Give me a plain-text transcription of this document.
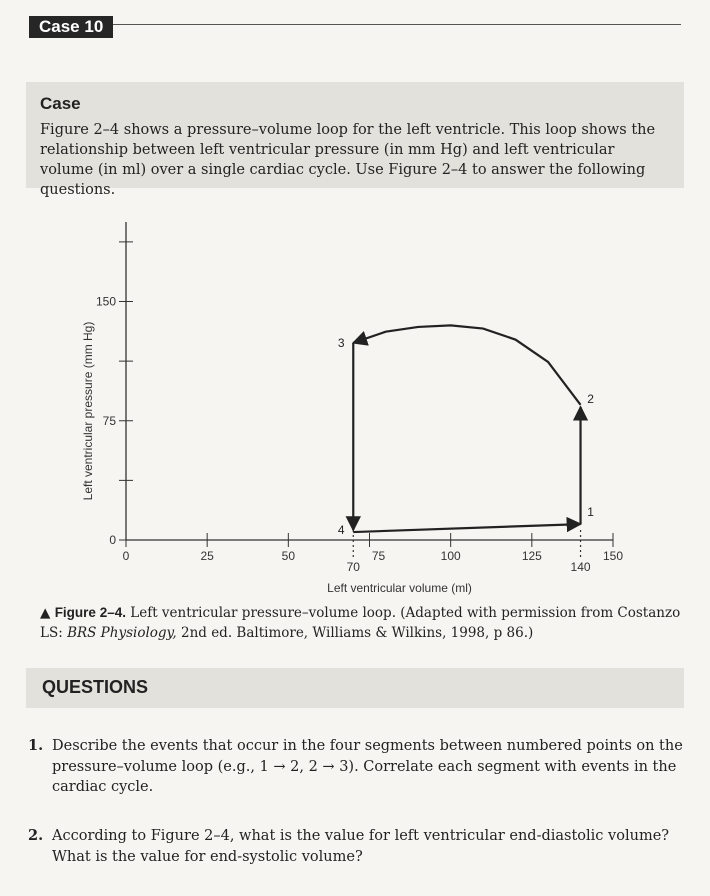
Case 10
Case

Figure 2–4 shows a pressure–volume loop for the left ventricle. This loop shows the relationship between left ventricular pressure (in mm Hg) and left ventricular volume (in ml) over a single cardiac cycle. Use Figure 2–4 to answer the following questions.

0	25	50	75	100	125	150
0
75
150
Left ventricular volume (ml)
Left ventricular pressure (mm Hg)
70	140
1
2
3
4
▲ Figure 2–4. Left ventricular pressure–volume loop. (Adapted with permission from Costanzo LS: BRS Physiology, 2nd ed. Baltimore, Williams & Wilkins, 1998, p 86.)
QUESTIONS
1. Describe the events that occur in the four segments between numbered points on the pressure–volume loop (e.g., 1 → 2, 2 → 3). Correlate each segment with events in the cardiac cycle.
2. According to Figure 2–4, what is the value for left ventricular end-diastolic volume? What is the value for end-systolic volume?
